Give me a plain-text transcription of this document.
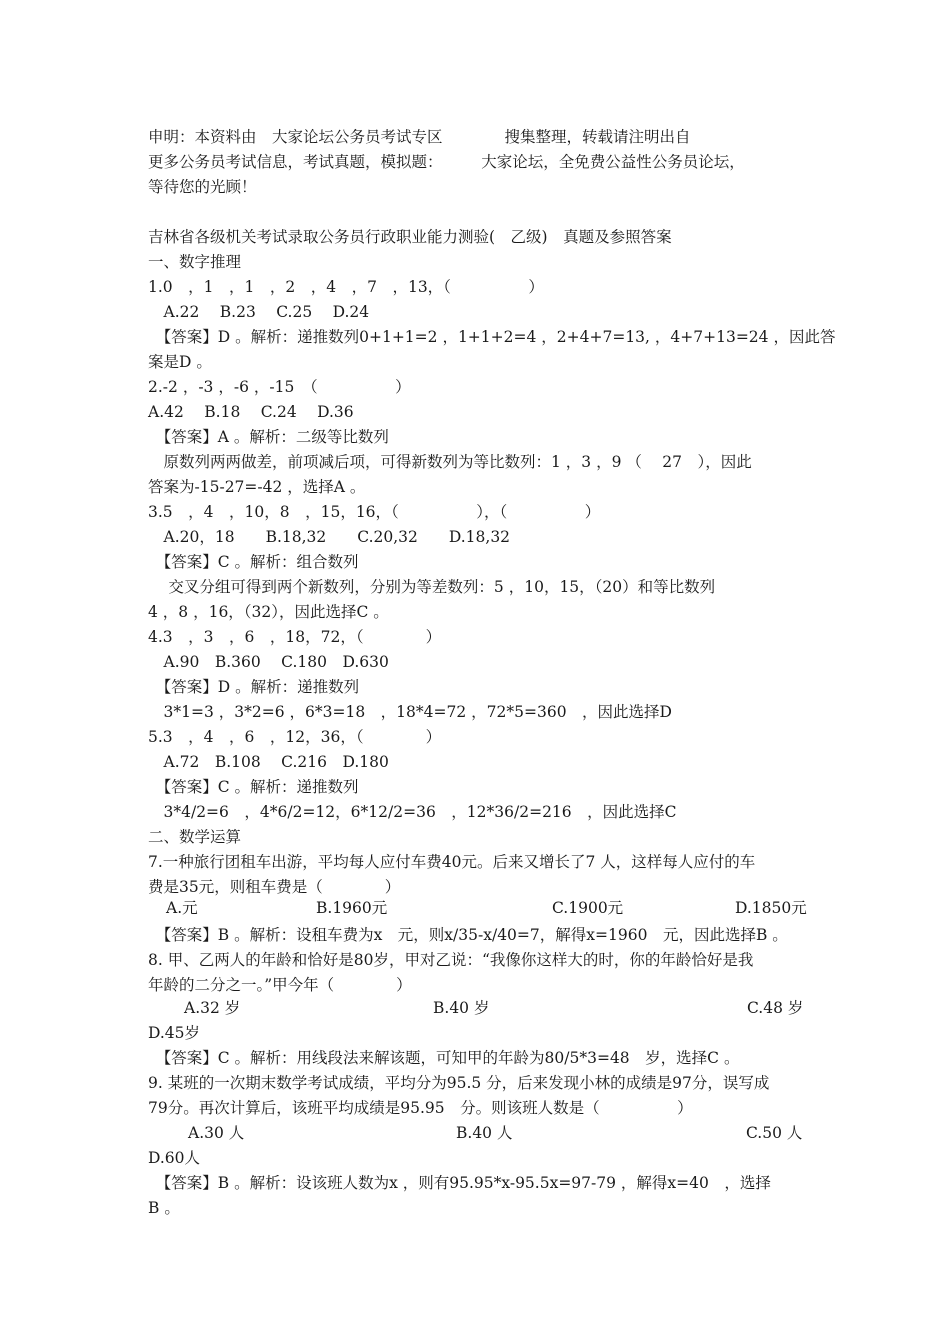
申明：本资料由　大家论坛公务员考试专区　　　　搜集整理，转载请注明出自
更多公务员考试信息，考试真题，模拟题：　　　大家论坛，全免费公益性公务员论坛，
等待您的光顾！
吉林省各级机关考试录取公务员行政职业能力测验(　乙级)　真题及参照答案
一、数字推理
1.0　，1　，1　，2　，4　，7　，13，（　　　　　）
　A.22　 B.23　 C.25　 D.24
　【答案】D 。解析：递推数列0+1+1=2 ，1+1+2=4 ，2+4+7=13, ，4+7+13=24 ，因此答
案是D 。
2.-2 ，-3 ，-6 ，-15　（　　　　　）
A.42　 B.18　 C.24　 D.36
　【答案】A 。解析：二级等比数列
　原数列两两做差，前项减后项，可得新数列为等比数列：1 ，3 ，9 （　 27　），因此
答案为-15-27=-42 ，选择A 。
3.5　，4　，10，8　，15，16，（　　　　　），（　　　　　）
　A.20，18　　B.18,32　　C.20,32　　D.18,32
　【答案】C 。解析：组合数列
　 交叉分组可得到两个新数列，分别为等差数列：5 ，10，15，（20）和等比数列
4 ，8 ，16，（32），因此选择C 。
4.3　，3　，6　，18，72，（　　　　）
　A.90　B.360　 C.180　D.630
　【答案】D 。解析：递推数列
　3*1=3 ，3*2=6 ，6*3=18　，18*4=72 ，72*5=360　，因此选择D
5.3　，4　，6　，12，36，（　　　　）
　A.72　B.108　 C.216　D.180
　【答案】C 。解析：递推数列
　3*4/2=6　，4*6/2=12，6*12/2=36　，12*36/2=216　，因此选择C
二、数学运算
7.一种旅行团租车出游，平均每人应付车费40元。后来又增长了7 人，这样每人应付的车
费是35元，则租车费是（　　　　）
　【答案】B 。解析：设租车费为x　元，则x/35-x/40=7，解得x=1960　元，因此选择B 。
8. 甲、乙两人的年龄和恰好是80岁，甲对乙说：“我像你这样大的时，你的年龄恰好是我
年龄的二分之一。”甲今年（　　　　）
D.45岁
　【答案】C 。解析：用线段法来解该题，可知甲的年龄为80/5*3=48　岁，选择C 。
9. 某班的一次期末数学考试成绩，平均分为95.5 分，后来发现小林的成绩是97分，误写成
79分。再次计算后，该班平均成绩是95.95　分。则该班人数是（　　　　　）
D.60人
　【答案】B 。解析：设该班人数为x ，则有95.95*x-95.5x=97-79 ，解得x=40　，选择
B 。
A.元	B.1960元	C.1900元	D.1850元
A.32 岁	B.40 岁	C.48 岁
A.30 人	B.40 人	C.50 人
